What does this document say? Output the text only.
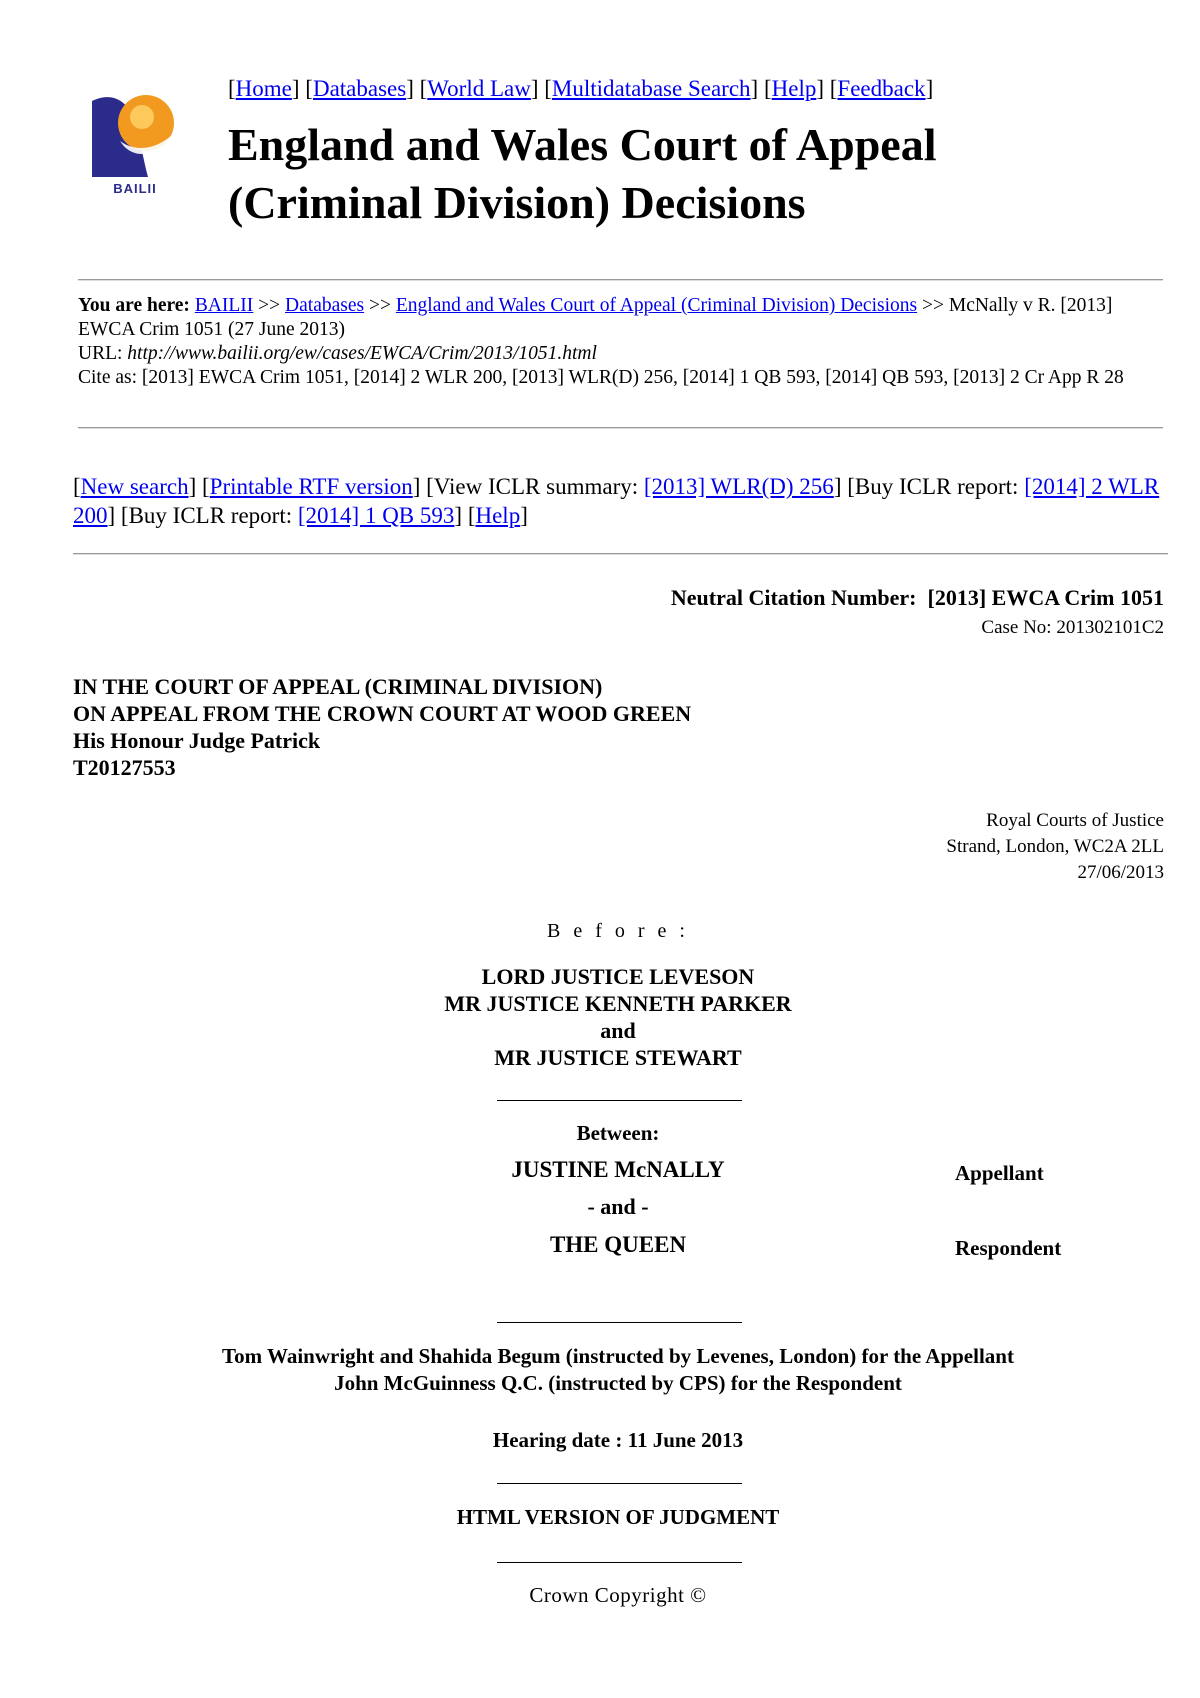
BAILII
[Home] [Databases] [World Law] [Multidatabase Search] [Help] [Feedback]
England and Wales Court of Appeal
(Criminal Division) Decisions
You are here: BAILII >> Databases >> England and Wales Court of Appeal (Criminal Division) Decisions >> McNally v R. [2013] EWCA Crim 1051 (27 June 2013)
URL: http://www.bailii.org/ew/cases/EWCA/Crim/2013/1051.html
Cite as: [2013] EWCA Crim 1051, [2014] 2 WLR 200, [2013] WLR(D) 256, [2014] 1 QB 593, [2014] QB 593, [2013] 2 Cr App R 28
[New search] [Printable RTF version] [View ICLR summary: [2013] WLR(D) 256] [Buy ICLR report: [2014] 2 WLR 200] [Buy ICLR report: [2014] 1 QB 593] [Help]
Neutral Citation Number: [2013] EWCA Crim 1051
Case No: 201302101C2
IN THE COURT OF APPEAL (CRIMINAL DIVISION)
ON APPEAL FROM THE CROWN COURT AT WOOD GREEN
His Honour Judge Patrick
T20127553
Royal Courts of Justice
Strand, London, WC2A 2LL
27/06/2013
B e f o r e :
LORD JUSTICE LEVESON
MR JUSTICE KENNETH PARKER
and
MR JUSTICE STEWART
Between:
JUSTINE McNALLY	Appellant
- and -
THE QUEEN	Respondent
Tom Wainwright and Shahida Begum (instructed by Levenes, London) for the Appellant
John McGuinness Q.C. (instructed by CPS) for the Respondent
Hearing date : 11 June 2013
HTML VERSION OF JUDGMENT
Crown Copyright ©
